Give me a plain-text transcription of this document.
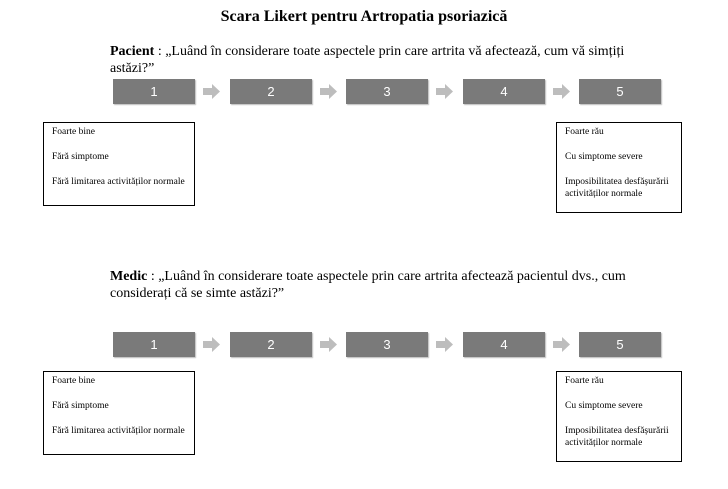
Scara Likert pentru Artropatia psoriazică
Pacient : „Luând în considerare toate aspectele prin care artrita vă afectează, cum vă simțiți astăzi?”
1	2	3	4	5

Foarte bine

Fără simptome

Fără limitarea activităților normale

Foarte rău

Cu simptome severe

Imposibilitatea desfășurării activităților normale

Medic : „Luând în considerare toate aspectele prin care artrita afectează pacientul dvs., cum considerați că se simte astăzi?”
1	2	3	4	5

Foarte bine

Fără simptome

Fără limitarea activităților normale

Foarte rău

Cu simptome severe

Imposibilitatea desfășurării activităților normale
